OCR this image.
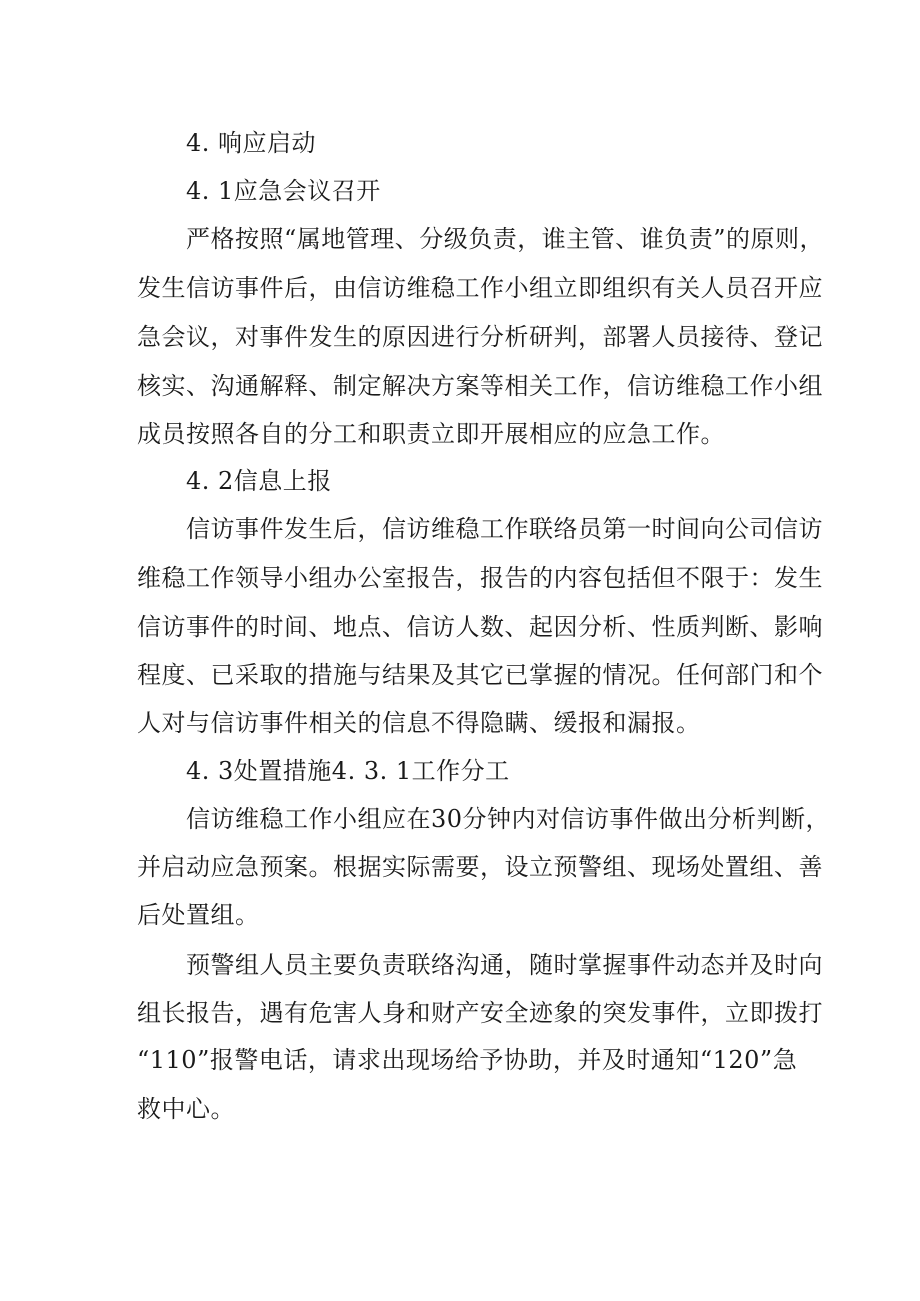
4. 响应启动
4. 1应急会议召开
严格按照“属地管理、分级负责，谁主管、谁负责”的原则，
发生信访事件后，由信访维稳工作小组立即组织有关人员召开应
急会议，对事件发生的原因进行分析研判，部署人员接待、登记
核实、沟通解释、制定解决方案等相关工作，信访维稳工作小组
成员按照各自的分工和职责立即开展相应的应急工作。
4. 2信息上报
信访事件发生后，信访维稳工作联络员第一时间向公司信访
维稳工作领导小组办公室报告，报告的内容包括但不限于：发生
信访事件的时间、地点、信访人数、起因分析、性质判断、影响
程度、已采取的措施与结果及其它已掌握的情况。任何部门和个
人对与信访事件相关的信息不得隐瞒、缓报和漏报。
4. 3处置措施4. 3. 1工作分工
信访维稳工作小组应在30分钟内对信访事件做出分析判断，
并启动应急预案。根据实际需要，设立预警组、现场处置组、善
后处置组。
预警组人员主要负责联络沟通，随时掌握事件动态并及时向
组长报告，遇有危害人身和财产安全迹象的突发事件，立即拨打
“110”报警电话，请求出现场给予协助，并及时通知“120”急
救中心。
